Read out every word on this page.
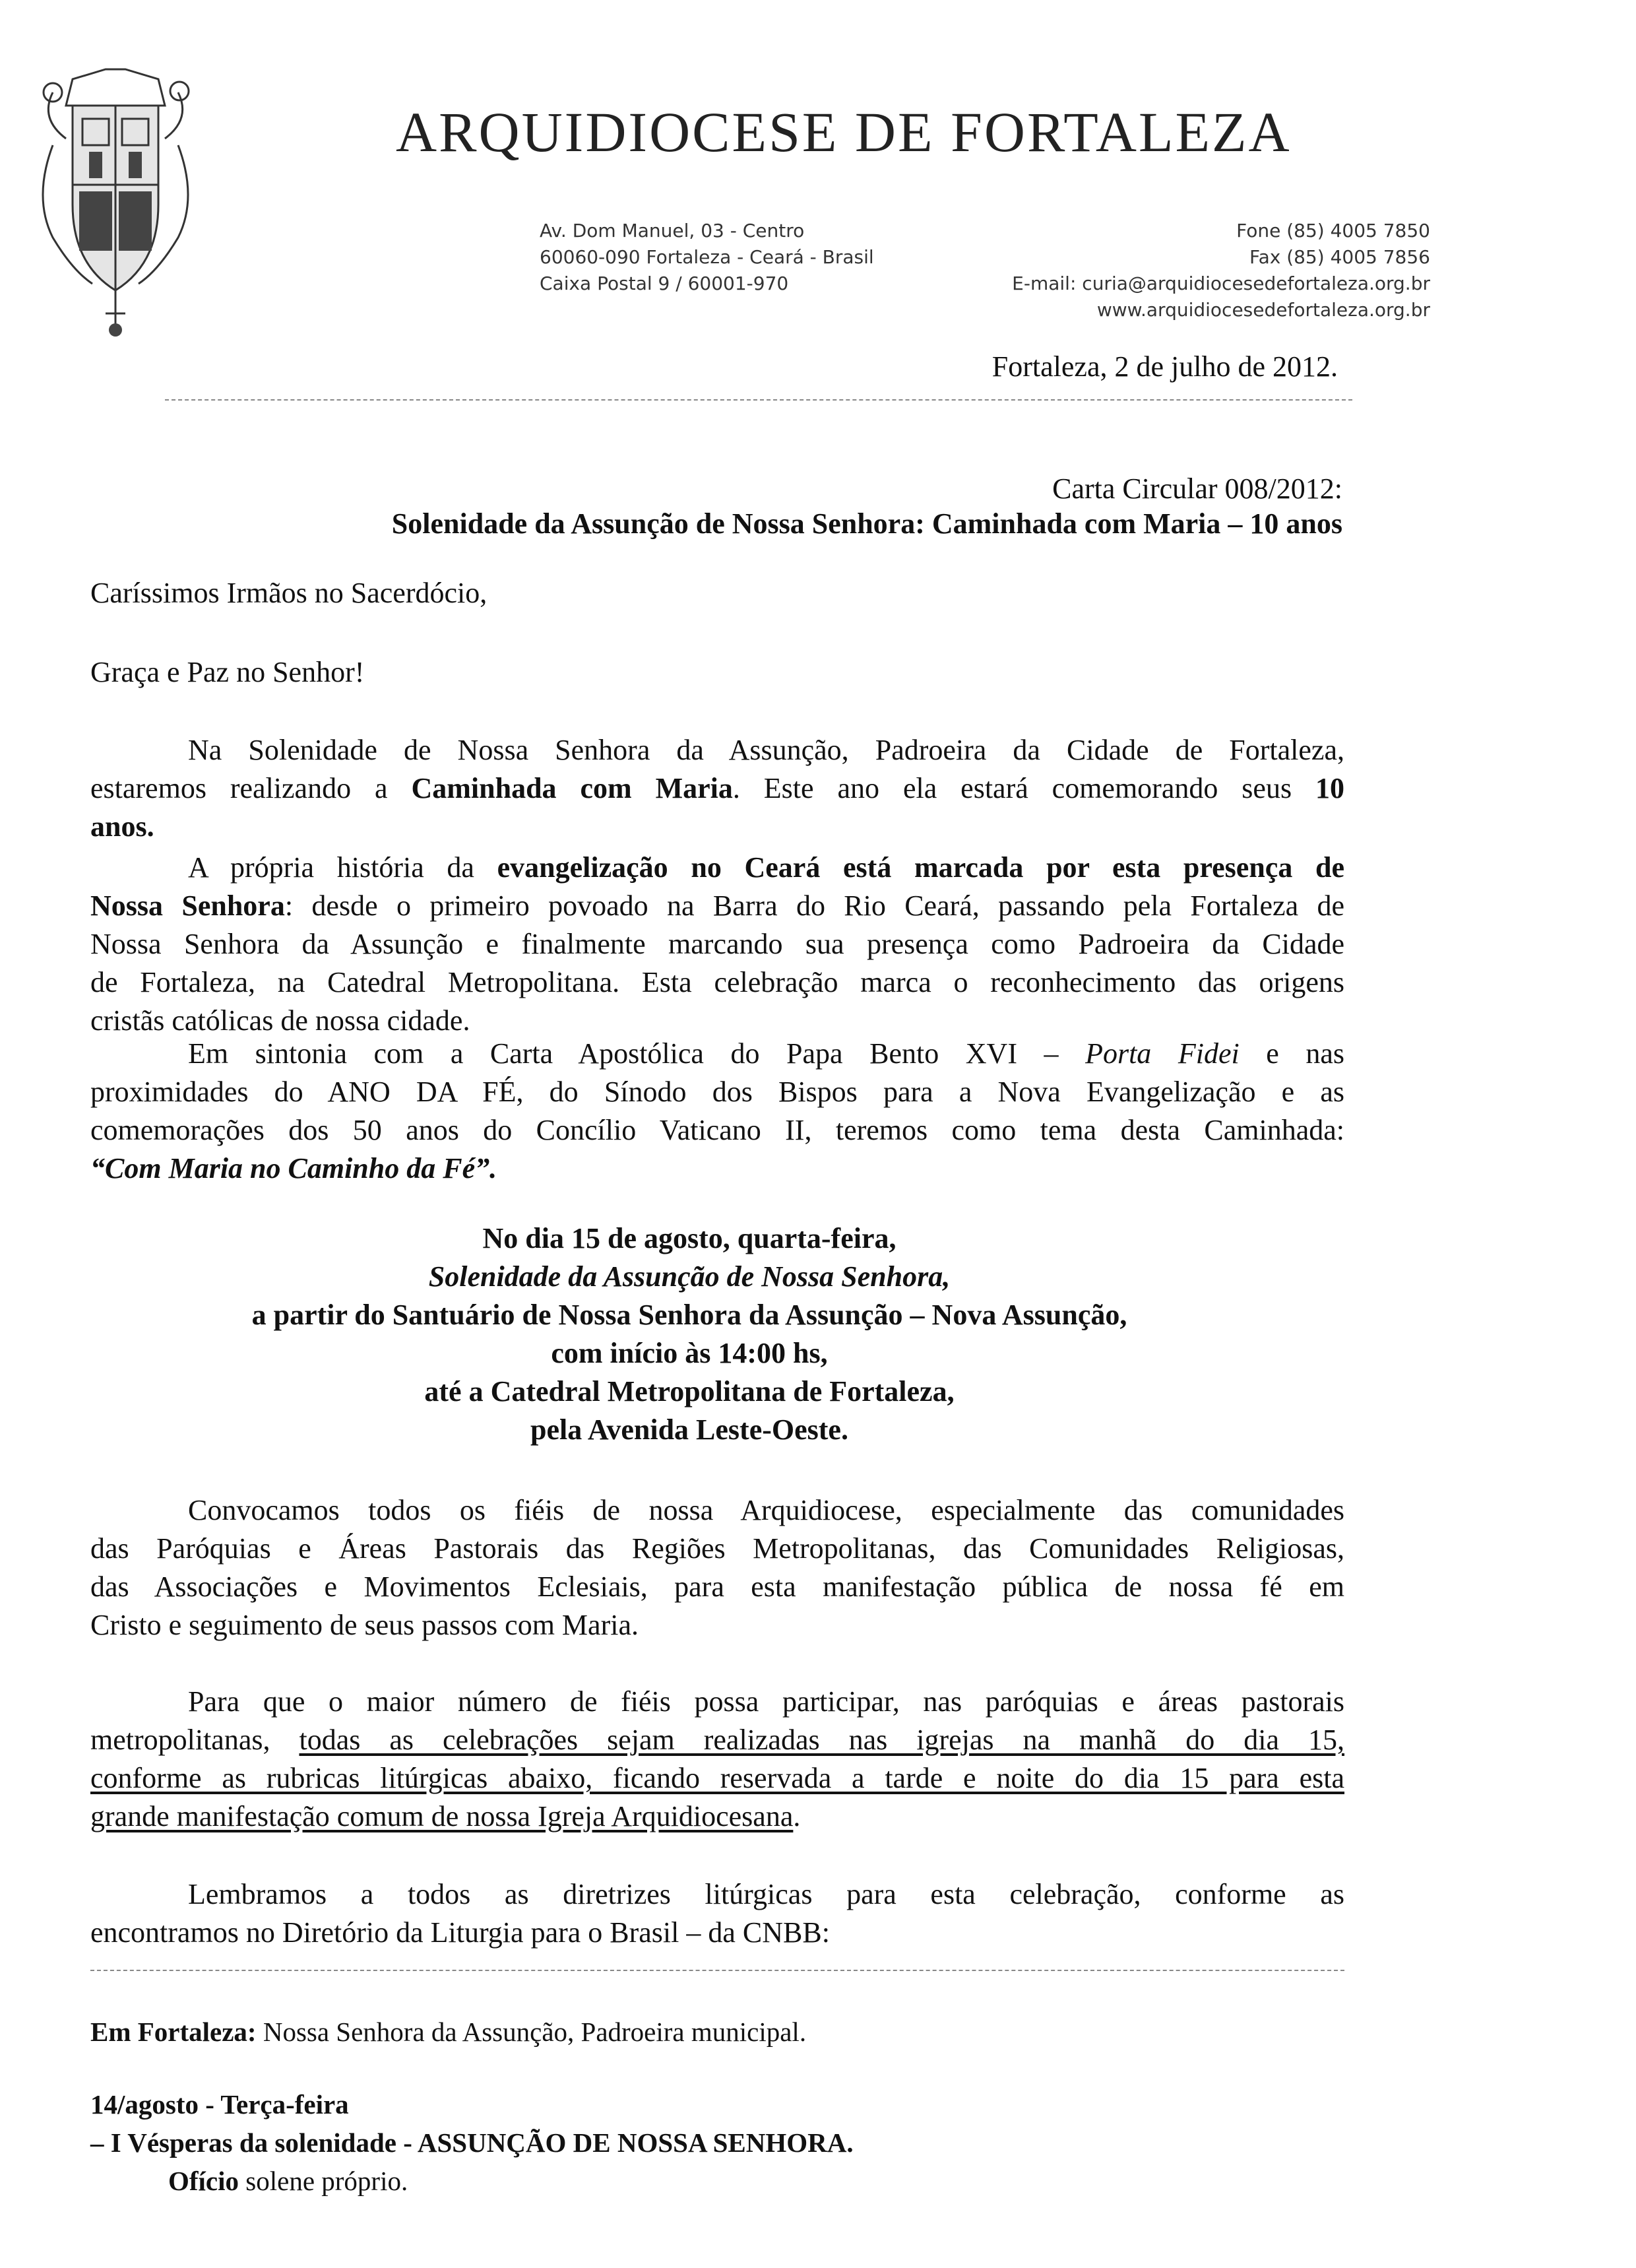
ARQUIDIOCESE DE FORTALEZA
Av. Dom Manuel, 03 - Centro
60060-090 Fortaleza - Ceará - Brasil
Caixa Postal 9 / 60001-970
Fone (85) 4005 7850
Fax (85) 4005 7856
E-mail: curia@arquidiocesedefortaleza.org.br
www.arquidiocesedefortaleza.org.br
Fortaleza, 2 de julho de 2012.
Carta Circular 008/2012:
Solenidade da Assunção de Nossa Senhora: Caminhada com Maria – 10 anos
Caríssimos Irmãos no Sacerdócio,
Graça e Paz no Senhor!
Na Solenidade de Nossa Senhora da Assunção, Padroeira da Cidade de Fortaleza,
estaremos realizando a Caminhada com Maria. Este ano ela estará comemorando seus 10
anos.
A própria história da evangelização no Ceará está marcada por esta presença de
Nossa Senhora: desde o primeiro povoado na Barra do Rio Ceará, passando pela Fortaleza de
Nossa Senhora da Assunção e finalmente marcando sua presença como Padroeira da Cidade
de Fortaleza, na Catedral Metropolitana. Esta celebração marca o reconhecimento das origens
cristãs católicas de nossa cidade.
Em sintonia com a Carta Apostólica do Papa Bento XVI – Porta Fidei e nas
proximidades do ANO DA FÉ, do Sínodo dos Bispos para a Nova Evangelização e as
comemorações dos 50 anos do Concílio Vaticano II, teremos como tema desta Caminhada:
“Com Maria no Caminho da Fé”.
No dia 15 de agosto, quarta-feira,
Solenidade da Assunção de Nossa Senhora,
a partir do Santuário de Nossa Senhora da Assunção – Nova Assunção,
com início às 14:00 hs,
até a Catedral Metropolitana de Fortaleza,
pela Avenida Leste-Oeste.
Convocamos todos os fiéis de nossa Arquidiocese, especialmente das comunidades
das Paróquias e Áreas Pastorais das Regiões Metropolitanas, das Comunidades Religiosas,
das Associações e Movimentos Eclesiais, para esta manifestação pública de nossa fé em
Cristo e seguimento de seus passos com Maria.
Para que o maior número de fiéis possa participar, nas paróquias e áreas pastorais
metropolitanas, todas as celebrações sejam realizadas nas igrejas na manhã do dia 15,
conforme as rubricas litúrgicas abaixo, ficando reservada a tarde e noite do dia 15 para esta
grande manifestação comum de nossa Igreja Arquidiocesana.
Lembramos a todos as diretrizes litúrgicas para esta celebração, conforme as
encontramos no Diretório da Liturgia para o Brasil – da CNBB:
Em Fortaleza: Nossa Senhora da Assunção, Padroeira municipal.
14/agosto - Terça-feira
– I Vésperas da solenidade - ASSUNÇÃO DE NOSSA SENHORA.
Ofício solene próprio.
